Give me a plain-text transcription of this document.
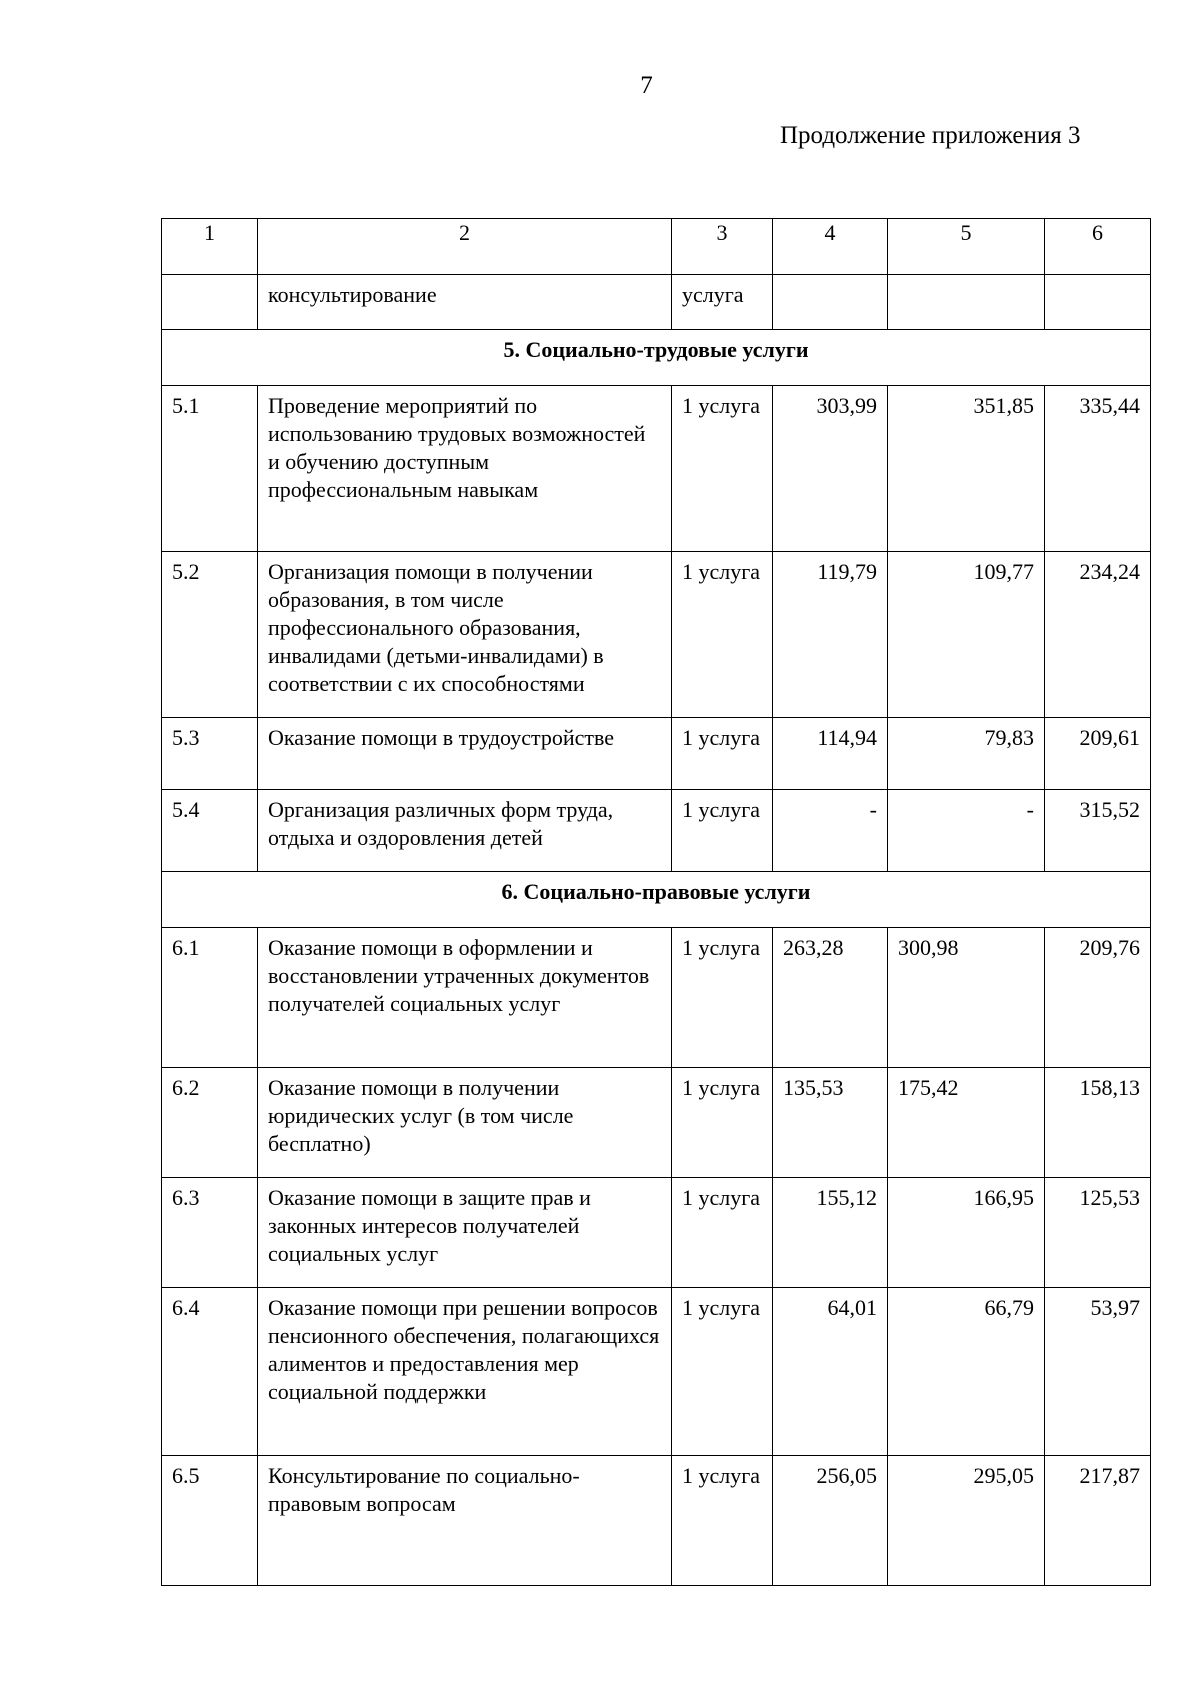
7
Продолжение приложения 3
1	2	3	4	5	6
	консультирование	услуга			
5. Социально-трудовые услуги					
5.1	Проведение мероприятий по использованию трудовых возможностей и обучению доступным профессиональным навыкам	1 услуга	303,99	351,85	335,44
5.2	Организация помощи в получении образования, в том числе профессионального образования, инвалидами (детьми-инвалидами) в соответствии с их способностями	1 услуга	119,79	109,77	234,24
5.3	Оказание помощи в трудоустройстве	1 услуга	114,94	79,83	209,61
5.4	Организация различных форм труда, отдыха и оздоровления детей	1 услуга	-	-	315,52
6. Социально-правовые услуги					
6.1	Оказание помощи в оформлении и восстановлении утраченных документов получателей социальных услуг	1 услуга	263,28	300,98	209,76
6.2	Оказание помощи в получении юридических услуг (в том числе бесплатно)	1 услуга	135,53	175,42	158,13
6.3	Оказание помощи в защите прав и законных интересов получателей социальных услуг	1 услуга	155,12	166,95	125,53
6.4	Оказание помощи при решении вопросов пенсионного обеспечения, полагающихся алиментов и предоставления мер социальной поддержки	1 услуга	64,01	66,79	53,97
6.5	Консультирование по социально-правовым вопросам	1 услуга	256,05	295,05	217,87
